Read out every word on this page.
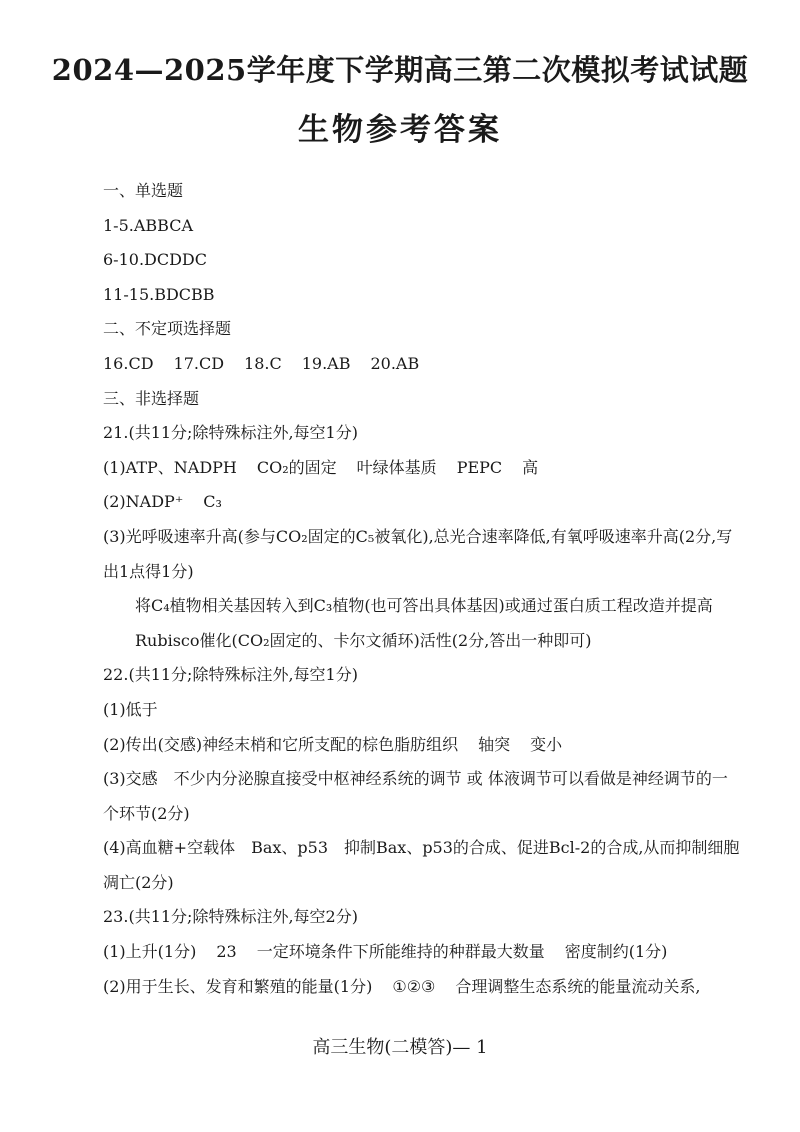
2024—2025学年度下学期高三第二次模拟考试试题
生物参考答案
一、单选题
1-5.ABBCA
6-10.DCDDC
11-15.BDCBB
二、不定项选择题
16.CD 17.CD 18.C 19.AB 20.AB
三、非选择题
21.(共11分;除特殊标注外,每空1分)
(1)ATP、NADPH CO₂的固定 叶绿体基质 PEPC 高
(2)NADP⁺ C₃
(3)光呼吸速率升高(参与CO₂固定的C₅被氧化),总光合速率降低,有氧呼吸速率升高(2分,写出1点得1分)
将C₄植物相关基因转入到C₃植物(也可答出具体基因)或通过蛋白质工程改造并提高Rubisco催化(CO₂固定的、卡尔文循环)活性(2分,答出一种即可)
22.(共11分;除特殊标注外,每空1分)
(1)低于
(2)传出(交感)神经末梢和它所支配的棕色脂肪组织 轴突 变小
(3)交感　不少内分泌腺直接受中枢神经系统的调节 或 体液调节可以看做是神经调节的一个环节(2分)
(4)高血糖+空载体　Bax、p53　抑制Bax、p53的合成、促进Bcl-2的合成,从而抑制细胞凋亡(2分)
23.(共11分;除特殊标注外,每空2分)
(1)上升(1分) 23 一定环境条件下所能维持的种群最大数量 密度制约(1分)
(2)用于生长、发育和繁殖的能量(1分) ①②③ 合理调整生态系统的能量流动关系,
高三生物(二模答)— 1
